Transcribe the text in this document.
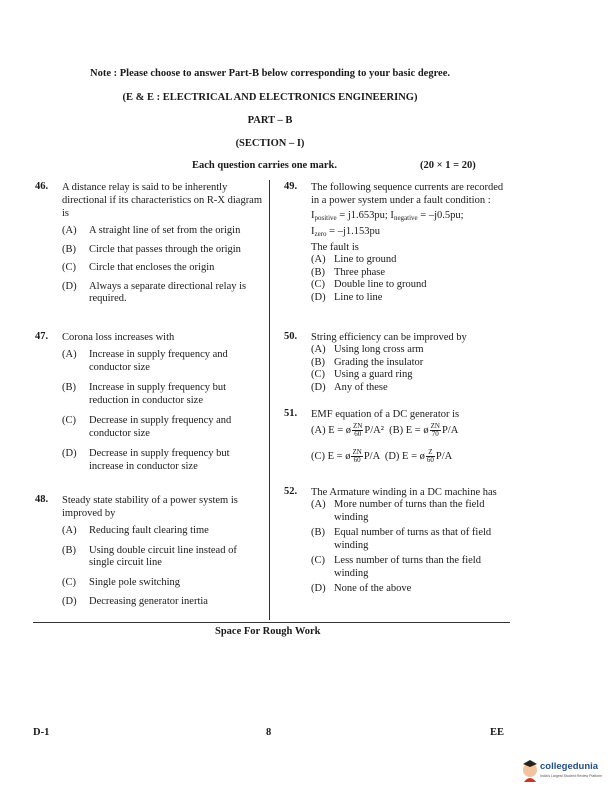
Note : Please choose to answer Part-B below corresponding to your basic degree.
(E & E : ELECTRICAL AND ELECTRONICS ENGINEERING)
PART – B
(SECTION – I)
Each question carries one mark.	(20 × 1 = 20)
46. A distance relay is said to be inherently directional if its characteristics on R-X diagram is
(A) A straight line of set from the origin
(B) Circle that passes through the origin
(C) Circle that encloses the origin
(D) Always a separate directional relay is required.
47. Corona loss increases with
(A) Increase in supply frequency and conductor size
(B) Increase in supply frequency but reduction in conductor size
(C) Decrease in supply frequency and conductor size
(D) Decrease in supply frequency but increase in conductor size
48. Steady state stability of a power system is improved by
(A) Reducing fault clearing time
(B) Using double circuit line instead of single circuit line
(C) Single pole switching
(D) Decreasing generator inertia
49. The following sequence currents are recorded in a power system under a fault condition :
$I_{positive} = j1.653pu$; $I_{negative} = -j0.5pu$;
$I_{zero} = -j1.153pu$
The fault is
(A) Line to ground
(B) Three phase
(C) Double line to ground
(D) Line to line
50. String efficiency can be improved by
(A) Using long cross arm
(B) Grading the insulator
(C) Using a guard ring
(D) Any of these
51. EMF equation of a DC generator is
(A) E = ø $\frac{ZN}{60} P/A^2$ (B) E = ø $\frac{ZN}{70} P/A$
(C) E = ø $\frac{ZN}{60} P/A$ (D) E = ø $\frac{Z}{60} P/A$
52. The Armature winding in a DC machine has
(A) More number of turns than the field winding
(B) Equal number of turns as that of field winding
(C) Less number of turns than the field winding
(D) None of the above
Space For Rough Work
D-1	8	EE
collegedunia
India's Largest Student Review Platform
